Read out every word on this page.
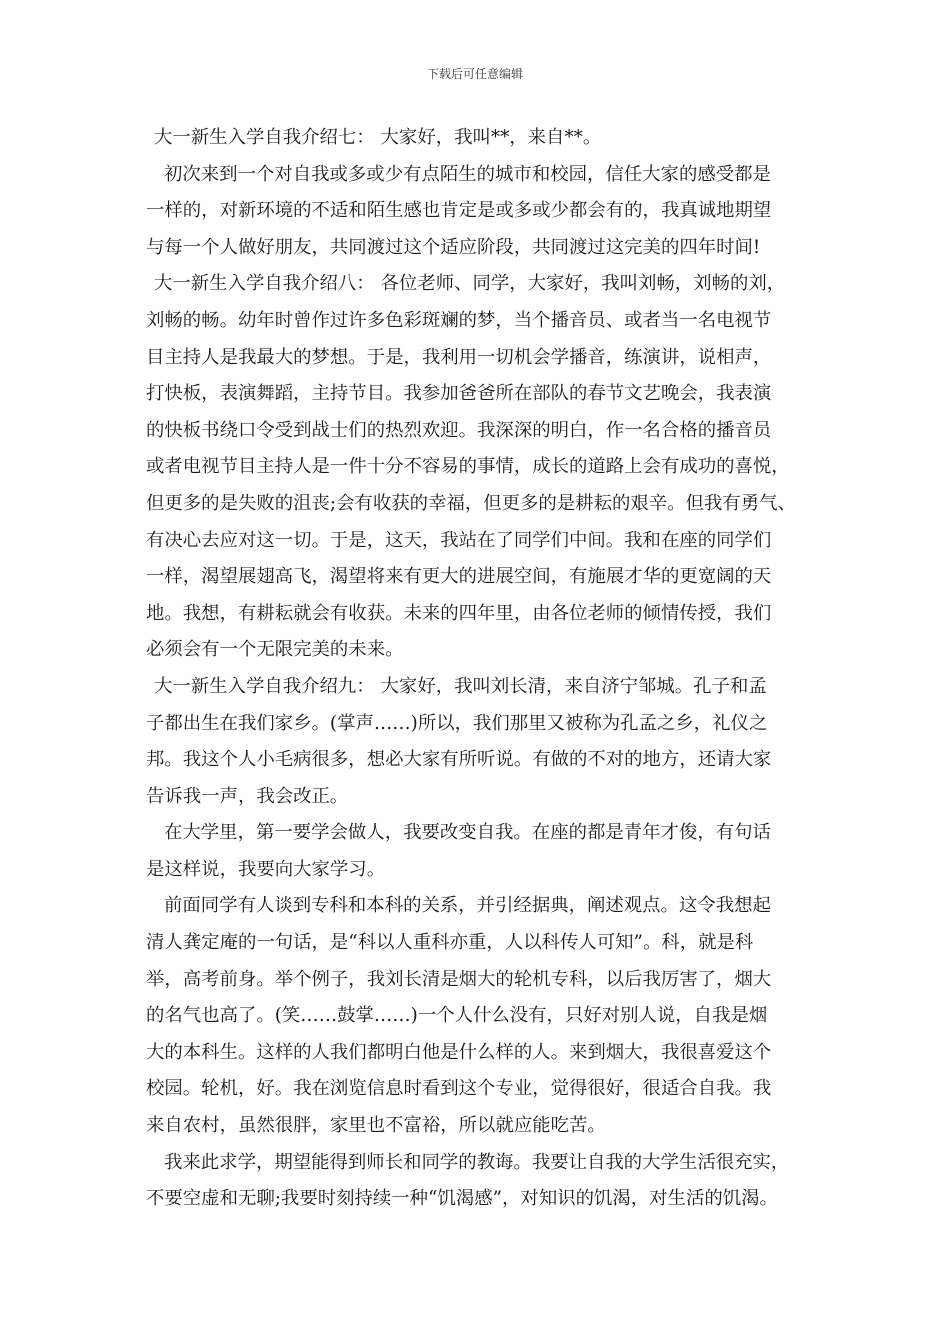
下载后可任意编辑
大一新生入学自我介绍七： 大家好，我叫**，来自**。
初次来到一个对自我或多或少有点陌生的城市和校园，信任大家的感受都是
一样的，对新环境的不适和陌生感也肯定是或多或少都会有的，我真诚地期望
与每一个人做好朋友，共同渡过这个适应阶段，共同渡过这完美的四年时间!
大一新生入学自我介绍八： 各位老师、同学，大家好，我叫刘畅，刘畅的刘，
刘畅的畅。幼年时曾作过许多色彩斑斓的梦，当个播音员、或者当一名电视节
目主持人是我最大的梦想。于是，我利用一切机会学播音，练演讲，说相声，
打快板，表演舞蹈，主持节目。我参加爸爸所在部队的春节文艺晚会，我表演
的快板书绕口令受到战士们的热烈欢迎。我深深的明白，作一名合格的播音员
或者电视节目主持人是一件十分不容易的事情，成长的道路上会有成功的喜悦，
但更多的是失败的沮丧;会有收获的幸福，但更多的是耕耘的艰辛。但我有勇气、
有决心去应对这一切。于是，这天，我站在了同学们中间。我和在座的同学们
一样，渴望展翅高飞，渴望将来有更大的进展空间，有施展才华的更宽阔的天
地。我想，有耕耘就会有收获。未来的四年里，由各位老师的倾情传授，我们
必须会有一个无限完美的未来。
大一新生入学自我介绍九： 大家好，我叫刘长清，来自济宁邹城。孔子和孟
子都出生在我们家乡。(掌声……)所以，我们那里又被称为孔孟之乡，礼仪之
邦。我这个人小毛病很多，想必大家有所听说。有做的不对的地方，还请大家
告诉我一声，我会改正。
在大学里，第一要学会做人，我要改变自我。在座的都是青年才俊，有句话
是这样说，我要向大家学习。
前面同学有人谈到专科和本科的关系，并引经据典，阐述观点。这令我想起
清人龚定庵的一句话，是“科以人重科亦重，人以科传人可知”。科，就是科
举，高考前身。举个例子，我刘长清是烟大的轮机专科，以后我厉害了，烟大
的名气也高了。(笑……鼓掌……)一个人什么没有，只好对别人说，自我是烟
大的本科生。这样的人我们都明白他是什么样的人。来到烟大，我很喜爱这个
校园。轮机，好。我在浏览信息时看到这个专业，觉得很好，很适合自我。我
来自农村，虽然很胖，家里也不富裕，所以就应能吃苦。
我来此求学，期望能得到师长和同学的教诲。我要让自我的大学生活很充实，
不要空虚和无聊;我要时刻持续一种“饥渴感”，对知识的饥渴，对生活的饥渴。
